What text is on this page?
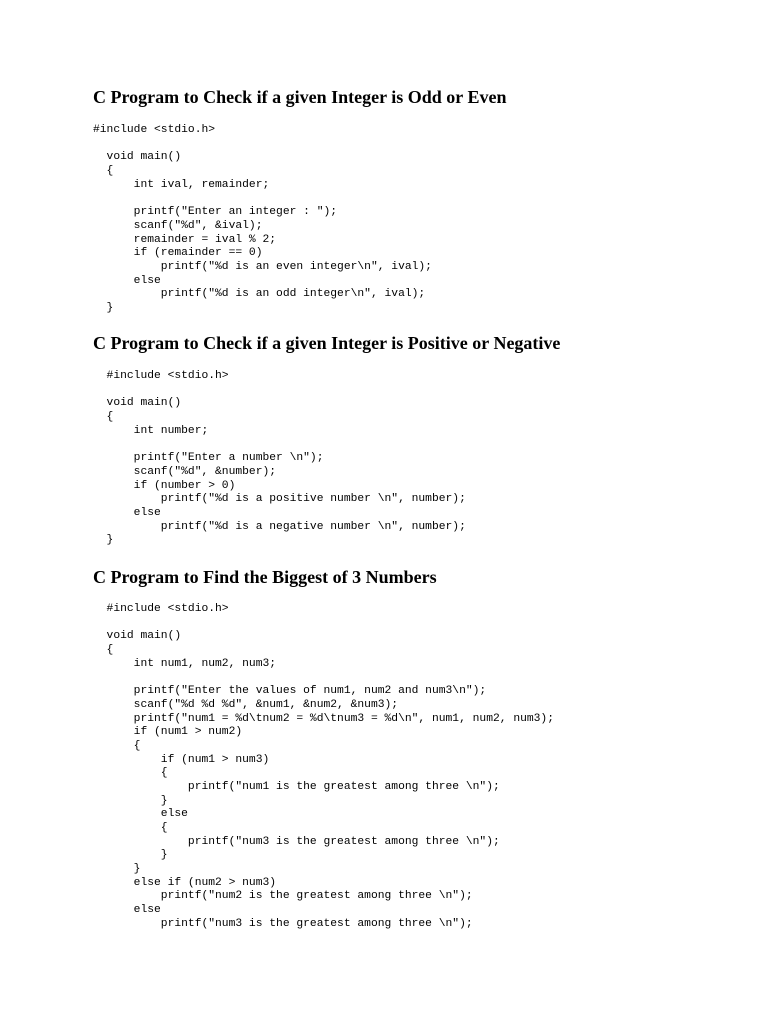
C Program to Check if a given Integer is Odd or Even
#include <stdio.h>
void main()
{
int ival, remainder;
printf("Enter an integer : ");
scanf("%d", &ival);
remainder = ival % 2;
if (remainder == 0)
printf("%d is an even integer\n", ival);
else
printf("%d is an odd integer\n", ival);
}
C Program to Check if a given Integer is Positive or Negative
#include <stdio.h>
void main()
{
int number;
printf("Enter a number \n");
scanf("%d", &number);
if (number > 0)
printf("%d is a positive number \n", number);
else
printf("%d is a negative number \n", number);
}
C Program to Find the Biggest of 3 Numbers
#include <stdio.h>
void main()
{
int num1, num2, num3;
printf("Enter the values of num1, num2 and num3\n");
scanf("%d %d %d", &num1, &num2, &num3);
printf("num1 = %d\tnum2 = %d\tnum3 = %d\n", num1, num2, num3);
if (num1 > num2)
{
if (num1 > num3)
{
printf("num1 is the greatest among three \n");
}
else
{
printf("num3 is the greatest among three \n");
}
}
else if (num2 > num3)
printf("num2 is the greatest among three \n");
else
printf("num3 is the greatest among three \n");
